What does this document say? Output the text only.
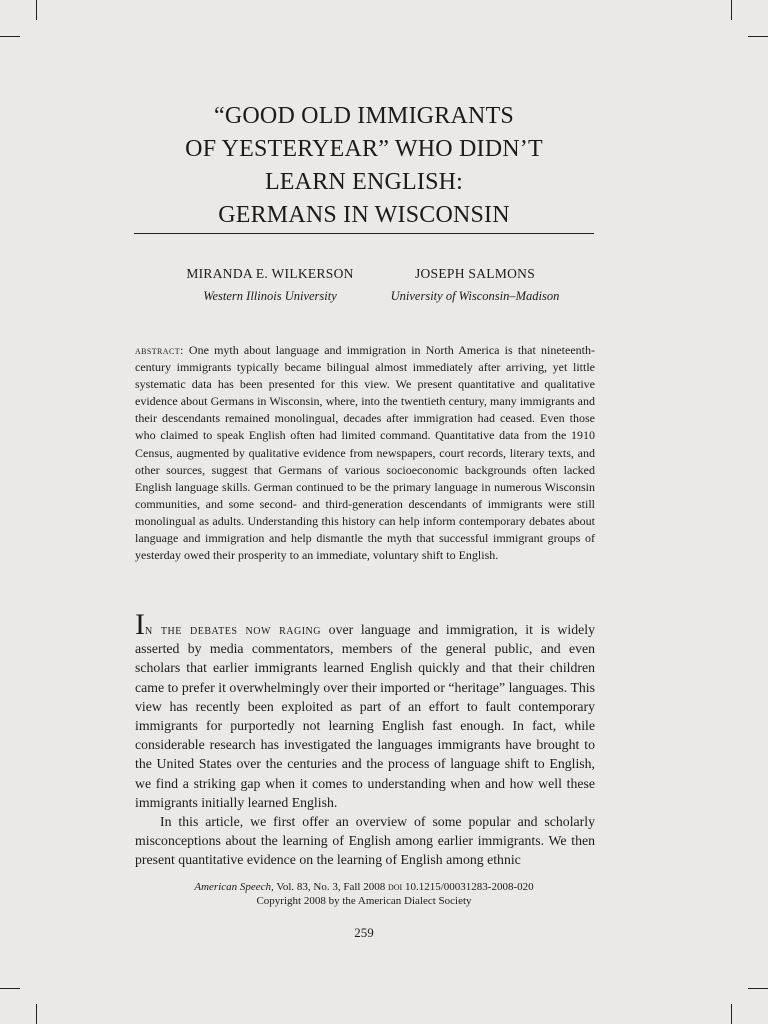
“GOOD OLD IMMIGRANTS
OF YESTERYEAR” WHO DIDN’T
LEARN ENGLISH:
GERMANS IN WISCONSIN
MIRANDA E. WILKERSON
Western Illinois University
JOSEPH SALMONS
University of Wisconsin–Madison
abstract: One myth about language and immigration in North America is that nineteenth-century immigrants typically became bilingual almost immediately after arriving, yet little systematic data has been presented for this view. We present quantitative and qualitative evidence about Germans in Wisconsin, where, into the twentieth century, many immigrants and their descendants remained monolingual, decades after immigration had ceased. Even those who claimed to speak English often had limited command. Quantitative data from the 1910 Census, augmented by qualitative evidence from newspapers, court records, literary texts, and other sources, suggest that Germans of various socioeconomic backgrounds often lacked English language skills. German continued to be the primary language in numerous Wisconsin communities, and some second- and third-generation descendants of immigrants were still monolingual as adults. Understanding this history can help inform contemporary debates about language and immigration and help dismantle the myth that successful immigrant groups of yesterday owed their prosperity to an immediate, voluntary shift to English.

In the debates now raging over language and immigration, it is widely asserted by media commentators, members of the general public, and even scholars that earlier immigrants learned English quickly and that their children came to prefer it overwhelmingly over their imported or “heritage” languages. This view has recently been exploited as part of an effort to fault contemporary immigrants for purportedly not learning English fast enough. In fact, while considerable research has investigated the languages immigrants have brought to the United States over the centuries and the process of language shift to English, we find a striking gap when it comes to understanding when and how well these immigrants initially learned English.

In this article, we first offer an overview of some popular and scholarly misconceptions about the learning of English among earlier immigrants. We then present quantitative evidence on the learning of English among ethnic

American Speech, Vol. 83, No. 3, Fall 2008 doi 10.1215/00031283-2008-020
Copyright 2008 by the American Dialect Society
259
